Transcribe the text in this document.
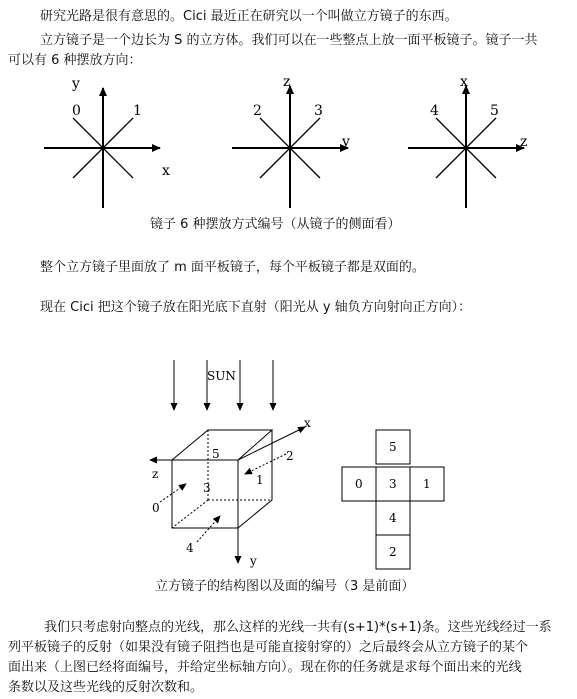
研究光路是很有意思的。Cici 最近正在研究以一个叫做立方镜子的东西。

立方镜子是一个边长为 S 的立方体。我们可以在一些整点上放一面平板镜子。镜子一共

可以有 6 种摆放方向：

x
y
0	1
y
z
2	3
z
x
4	5

镜子 6 种摆放方式编号（从镜子的侧面看）

整个立方镜子里面放了 m 面平板镜子，每个平板镜子都是双面的。

现在 Cici 把这个镜子放在阳光底下直射（阳光从 y 轴负方向射向正方向）：

SUN
x
y
z
5
3
1
2
0
4
5
0 3 1
4
2

立方镜子的结构图以及面的编号（3 是前面）

我们只考虑射向整点的光线，那么这样的光线一共有(s+1)*(s+1)条。这些光线经过一系

列平板镜子的反射（如果没有镜子阻挡也是可能直接射穿的）之后最终会从立方镜子的某个

面出来（上图已经将面编号，并给定坐标轴方向）。现在你的任务就是求每个面出来的光线

条数以及这些光线的反射次数和。
